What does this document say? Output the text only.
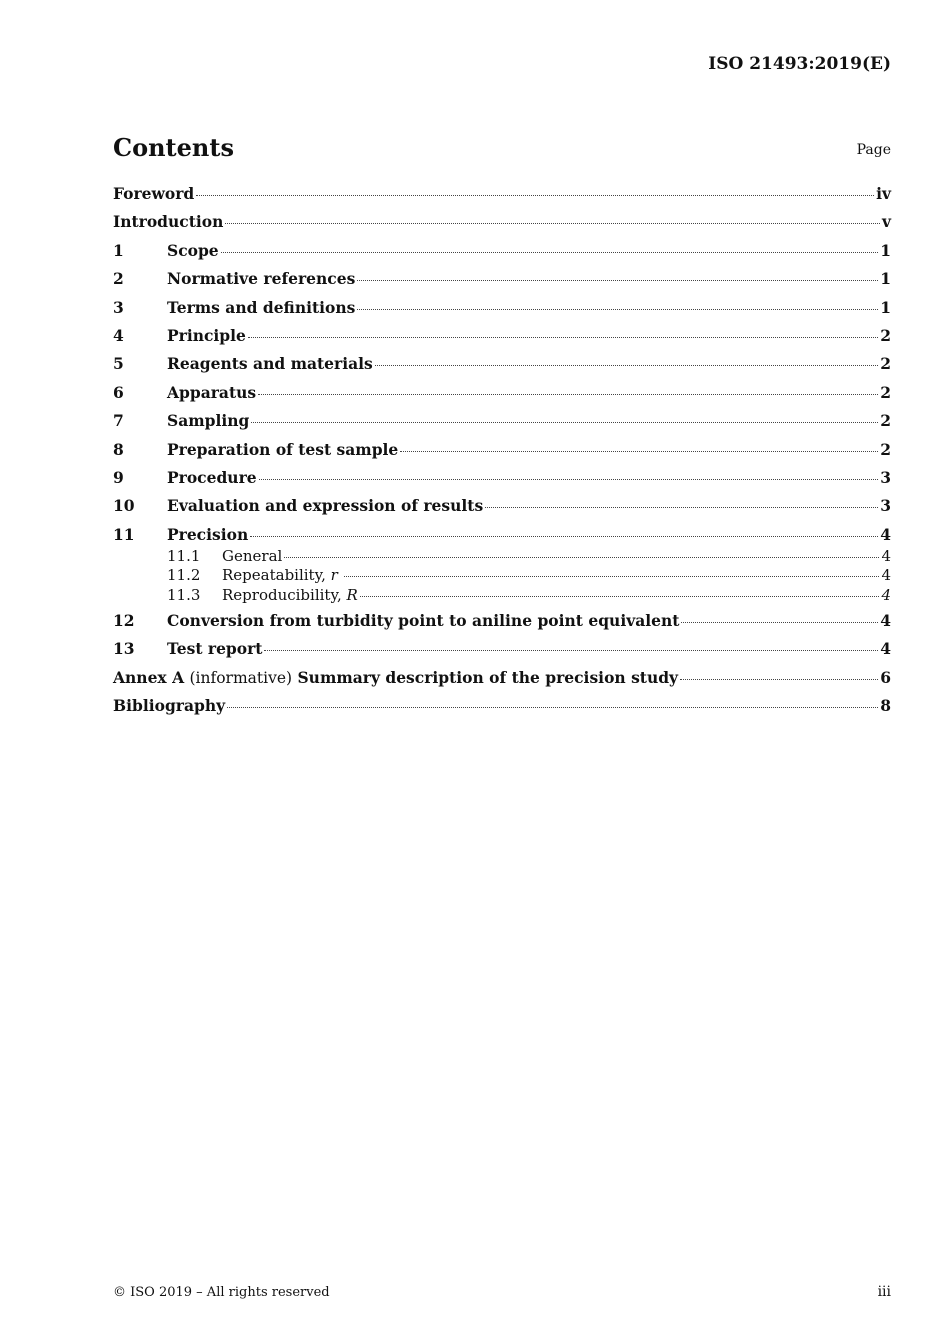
ISO 21493:2019(E)
Contents	Page
Foreword	iv
Introduction	v
1	Scope	1
2	Normative references	1
3	Terms and definitions	1
4	Principle	2
5	Reagents and materials	2
6	Apparatus	2
7	Sampling	2
8	Preparation of test sample	2
9	Procedure	3
10	Evaluation and expression of results	3
11	Precision	4
11.1	General	4
11.2	Repeatability, r	4
11.3	Reproducibility, R	4
12	Conversion from turbidity point to aniline point equivalent	4
13	Test report	4
Annex A (informative) Summary description of the precision study	6
Bibliography	8
© ISO 2019 – All rights reserved	iii
